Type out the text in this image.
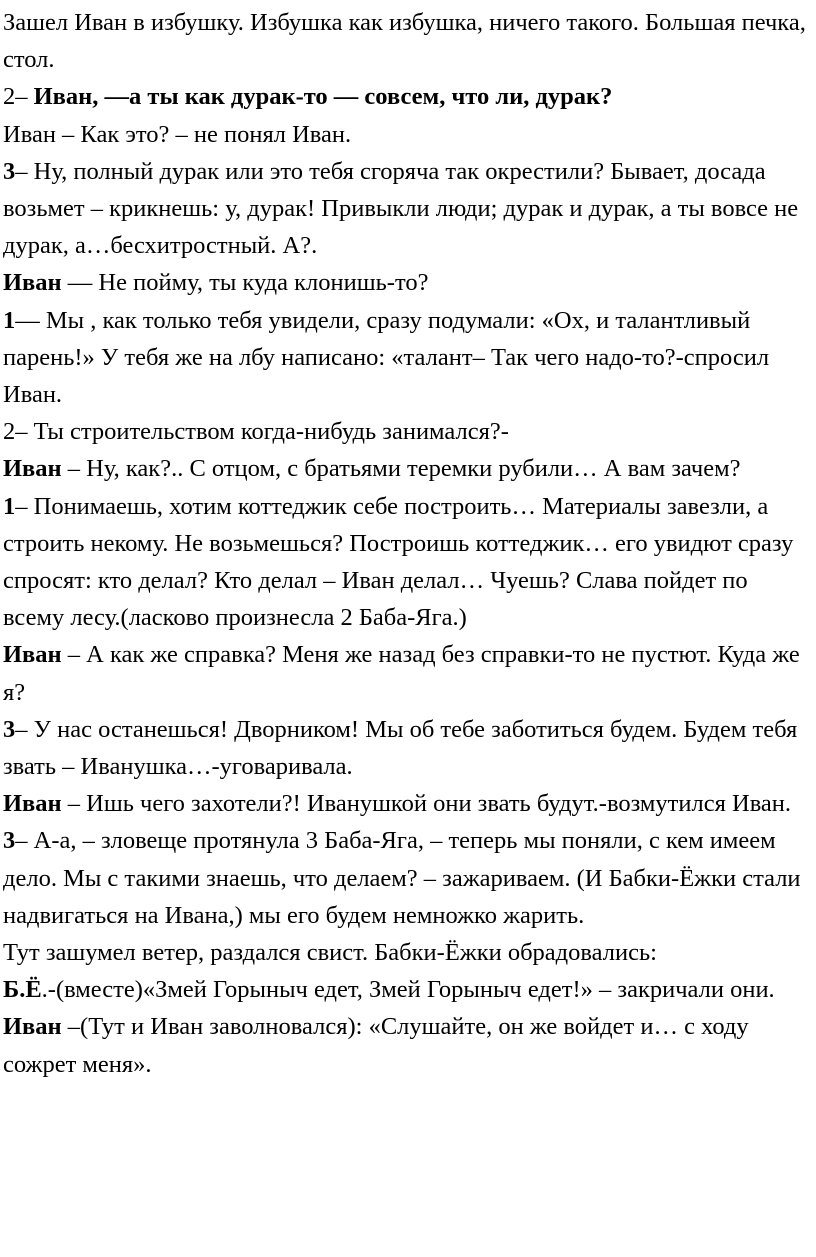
Зашел Иван в избушку. Избушка как избушка, ничего такого. Большая печка, стол.

2– Иван, —а ты как дурак-то — совсем, что ли, дурак?

Иван – Как это? – не понял Иван.

3– Ну, полный дурак или это тебя сгоряча так окрестили? Бывает, досада возьмет – крикнешь: у, дурак! Привыкли люди; дурак и дурак, а ты вовсе не дурак, а…бесхитростный. А?.

Иван — Не пойму, ты куда клонишь-то?

1— Мы , как только тебя увидели, сразу подумали: «Ох, и талантливый парень!» У тебя же на лбу написано: «талант– Так чего надо-то?-спросил Иван.

2– Ты строительством когда-нибудь занимался?-

Иван – Ну, как?.. С отцом, с братьями теремки рубили… А вам зачем?

1– Понимаешь, хотим коттеджик себе построить… Материалы завезли, а строить некому. Не возьмешься? Построишь коттеджик… его увидют сразу спросят: кто делал? Кто делал – Иван делал… Чуешь? Слава пойдет по всему лесу.(ласково произнесла 2 Баба-Яга.)

Иван – А как же справка? Меня же назад без справки-то не пустют. Куда же я?

3– У нас останешься! Дворником! Мы об тебе заботиться будем. Будем тебя звать – Иванушка…-уговаривала.

Иван – Ишь чего захотели?! Иванушкой они звать будут.-возмутился Иван.

3– А-а, – зловеще протянула 3 Баба-Яга, – теперь мы поняли, с кем имеем дело. Мы с такими знаешь, что делаем? – зажариваем. (И Бабки-Ёжки стали надвигаться на Ивана,) мы его будем немножко жарить.

Тут зашумел ветер, раздался свист. Бабки-Ёжки обрадовались:

Б.Ё.-(вместе)«Змей Горыныч едет, Змей Горыныч едет!» – закричали они.

Иван –(Тут и Иван заволновался): «Слушайте, он же войдет и… с ходу сожрет меня».
